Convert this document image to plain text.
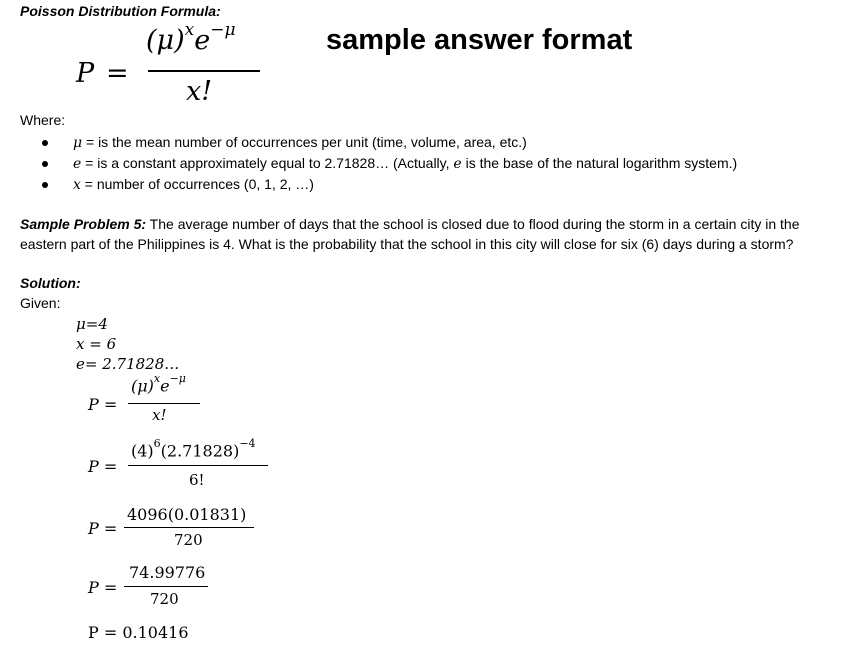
Poisson Distribution Formula:
sample answer format
P =
$(\mu)^xe^{-\mu}$
x!
Where:
μ = is the mean number of occurrences per unit (time, volume, area, etc.)
e = is a constant approximately equal to 2.71828… (Actually, e is the base of the natural logarithm system.)
x = number of occurrences (0, 1, 2, …)
Sample Problem 5: The average number of days that the school is closed due to flood during the storm in a certain city in the eastern part of the Philippines is 4. What is the probability that the school in this city will close for six (6) days during a storm?
Solution:
Given:
μ=4
x = 6
e= 2.71828…
P =
$(\mu)^xe^{-\mu}$
x!
P =
$(4)^6(2.71828)^{-4}$
6!
P =
4096(0.01831)
720
P =
74.99776
720
P = 0.10416
